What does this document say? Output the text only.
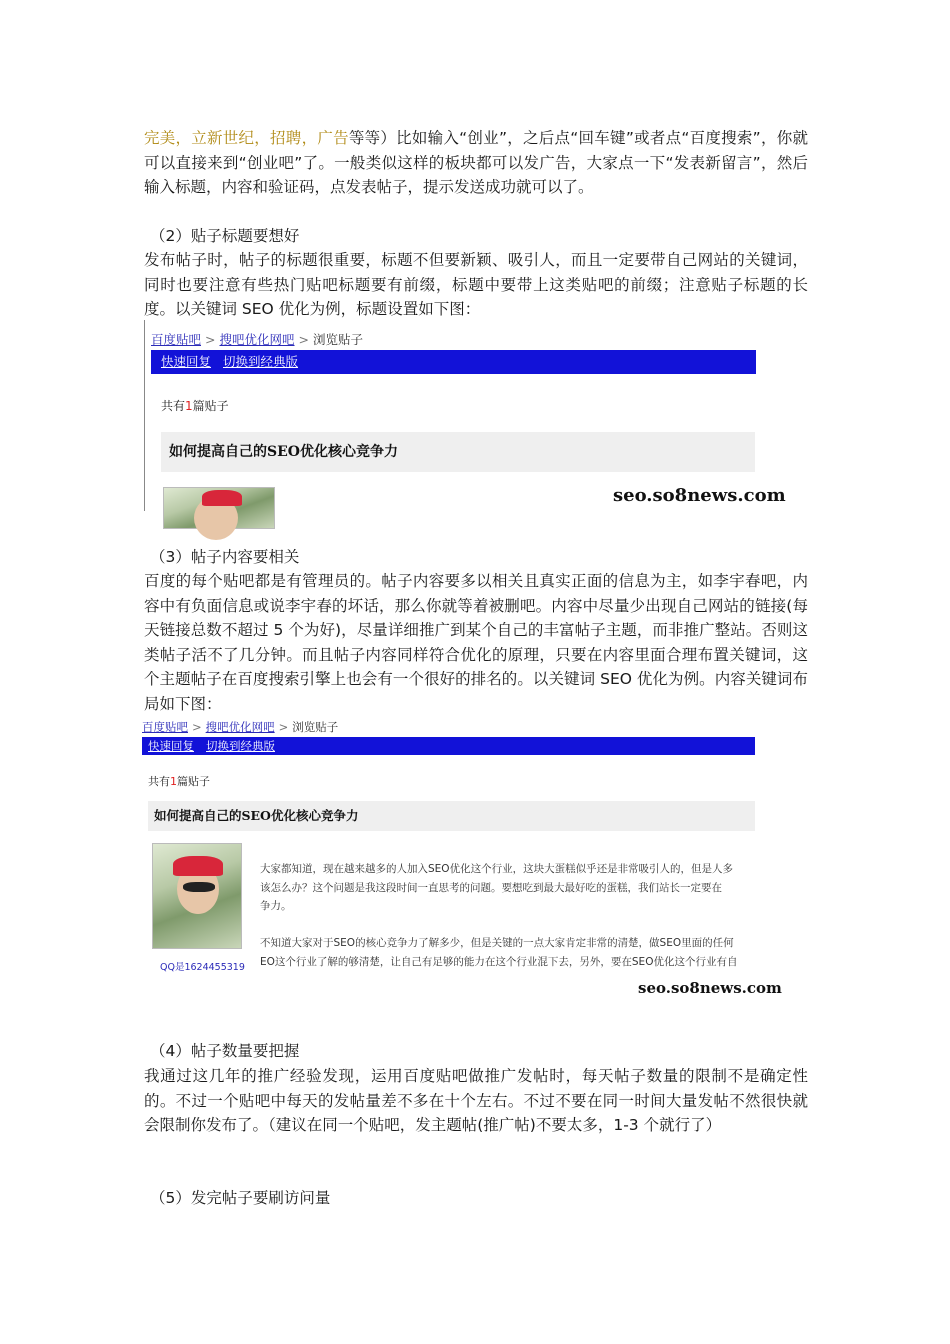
完美，立新世纪，招聘，广告等等）比如输入“创业”，之后点“回车键”或者点“百度搜索”，你就可以直接来到“创业吧”了。一般类似这样的板块都可以发广告，大家点一下“发表新留言”，然后输入标题，内容和验证码，点发表帖子，提示发送成功就可以了。

（2）贴子标题要想好

发布帖子时，帖子的标题很重要，标题不但要新颖、吸引人，而且一定要带自己网站的关键词，同时也要注意有些热门贴吧标题要有前缀，标题中要带上这类贴吧的前缀；注意贴子标题的长度。以关键词 SEO 优化为例，标题设置如下图：

百度贴吧 > 搜吧优化网吧 > 浏览贴子
快速回复 切换到经典版
共有1篇贴子
如何提高自己的SEO优化核心竞争力
seo.so8news.com

（3）帖子内容要相关

百度的每个贴吧都是有管理员的。帖子内容要多以相关且真实正面的信息为主，如李宇春吧，内容中有负面信息或说李宇春的坏话，那么你就等着被删吧。内容中尽量少出现自己网站的链接(每天链接总数不超过 5 个为好)，尽量详细推广到某个自己的丰富帖子主题，而非推广整站。否则这类帖子活不了几分钟。而且帖子内容同样符合优化的原理，只要在内容里面合理布置关键词，这个主题帖子在百度搜索引擎上也会有一个很好的排名的。以关键词 SEO 优化为例。内容关键词布局如下图：

百度贴吧 > 搜吧优化网吧 > 浏览贴子
快速回复 切换到经典版
共有1篇贴子
如何提高自己的SEO优化核心竞争力
QQ是1624455319
大家都知道，现在越来越多的人加入SEO优化这个行业，这块大蛋糕似乎还是非常吸引人的，但是人多
该怎么办？这个问题是我这段时间一直思考的问题。要想吃到最大最好吃的蛋糕，我们站长一定要在
争力。

不知道大家对于SEO的核心竞争力了解多少，但是关键的一点大家肯定非常的清楚，做SEO里面的任何
EO这个行业了解的够清楚，让自己有足够的能力在这个行业混下去，另外，要在SEO优化这个行业有自
seo.so8news.com

（4）帖子数量要把握

我通过这几年的推广经验发现，运用百度贴吧做推广发帖时，每天帖子数量的限制不是确定性的。不过一个贴吧中每天的发帖量差不多在十个左右。不过不要在同一时间大量发帖不然很快就会限制你发布了。（建议在同一个贴吧，发主题帖(推广帖)不要太多，1-3 个就行了）

（5）发完帖子要刷访问量
